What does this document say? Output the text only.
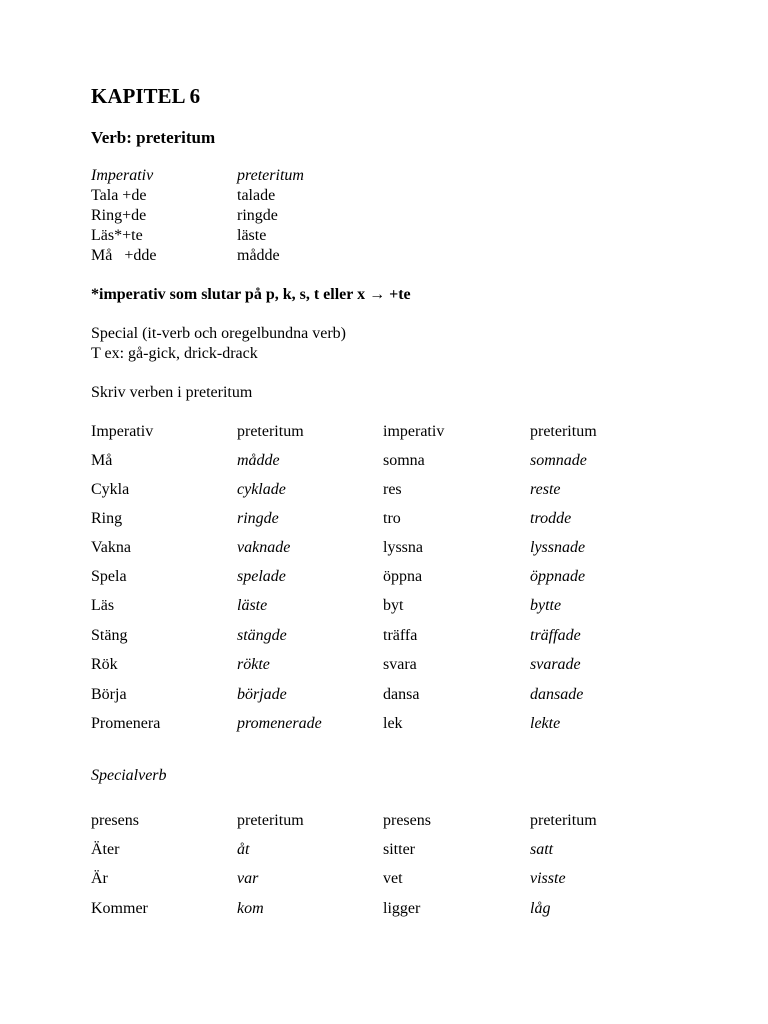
KAPITEL 6
Verb: preteritum
Imperativ	preteritum
Tala +de	talade
Ring+de	ringde
Läs*+te	läste
Må   +dde	mådde
*imperativ som slutar på p, k, s, t eller x → +te
Special (it-verb och oregelbundna verb)
T ex: gå-gick, drick-drack
Skriv verben i preteritum
Imperativ	preteritum	imperativ	preteritum
Må	mådde	somna	somnade
Cykla	cyklade	res	reste
Ring	ringde	tro	trodde
Vakna	vaknade	lyssna	lyssnade
Spela	spelade	öppna	öppnade
Läs	läste	byt	bytte
Stäng	stängde	träffa	träffade
Rök	rökte	svara	svarade
Börja	började	dansa	dansade
Promenera	promenerade	lek	lekte
Specialverb
presens	preteritum	presens	preteritum
Äter	åt	sitter	satt
Är	var	vet	visste
Kommer	kom	ligger	låg
